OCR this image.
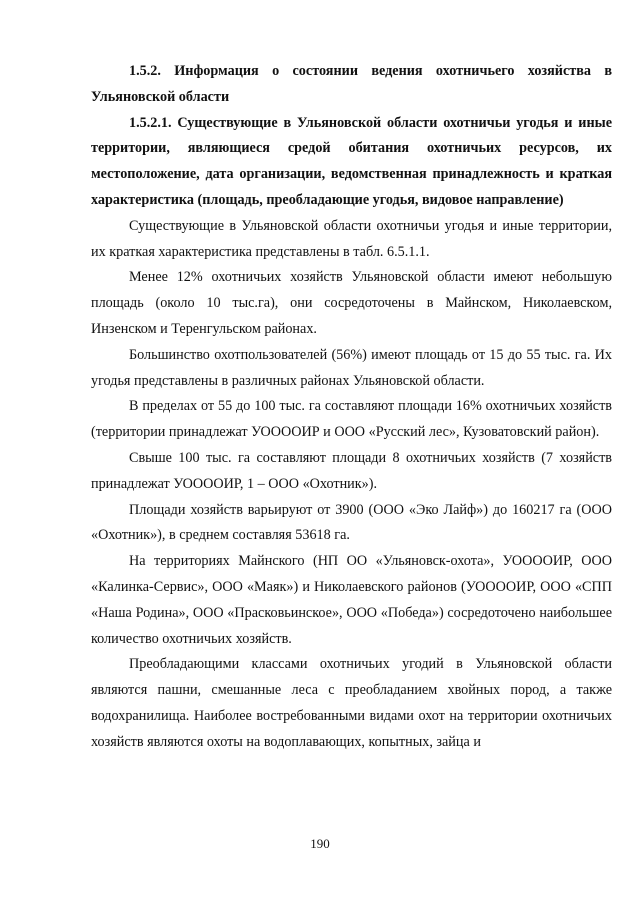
1.5.2. Информация о состоянии ведения охотничьего хозяйства в Ульяновской области

1.5.2.1. Существующие в Ульяновской области охотничьи угодья и иные территории, являющиеся средой обитания охотничьих ресурсов, их местоположение, дата организации, ведомственная принадлежность и краткая характеристика (площадь, преобладающие угодья, видовое направление)

Существующие в Ульяновской области охотничьи угодья и иные территории, их краткая характеристика представлены в табл. 6.5.1.1.

Менее 12% охотничьих хозяйств Ульяновской области имеют небольшую площадь (около 10 тыс.га), они сосредоточены в Майнском, Николаевском, Инзенском и Теренгульском районах.

Большинство охотпользователей (56%) имеют площадь от 15 до 55 тыс. га. Их угодья представлены в различных районах Ульяновской области.

В пределах от 55 до 100 тыс. га составляют площади 16% охотничьих хозяйств (территории принадлежат УООООИР и ООО «Русский лес», Кузоватовский район).

Свыше 100 тыс. га составляют площади 8 охотничьих хозяйств (7 хозяйств принадлежат УООООИР, 1 – ООО «Охотник»).

Площади хозяйств варьируют от 3900 (ООО «Эко Лайф») до 160217 га (ООО «Охотник»), в среднем составляя 53618 га.

На территориях Майнского (НП ОО «Ульяновск-охота», УООООИР, ООО «Калинка-Сервис», ООО «Маяк») и Николаевского районов (УООООИР, ООО «СПП «Наша Родина», ООО «Прасковьинское», ООО «Победа») сосредоточено наибольшее количество охотничьих хозяйств.

Преобладающими классами охотничьих угодий в Ульяновской области являются пашни, смешанные леса с преобладанием хвойных пород, а также водохранилища. Наиболее востребованными видами охот на территории охотничьих хозяйств являются охоты на водоплавающих, копытных, зайца и

190
